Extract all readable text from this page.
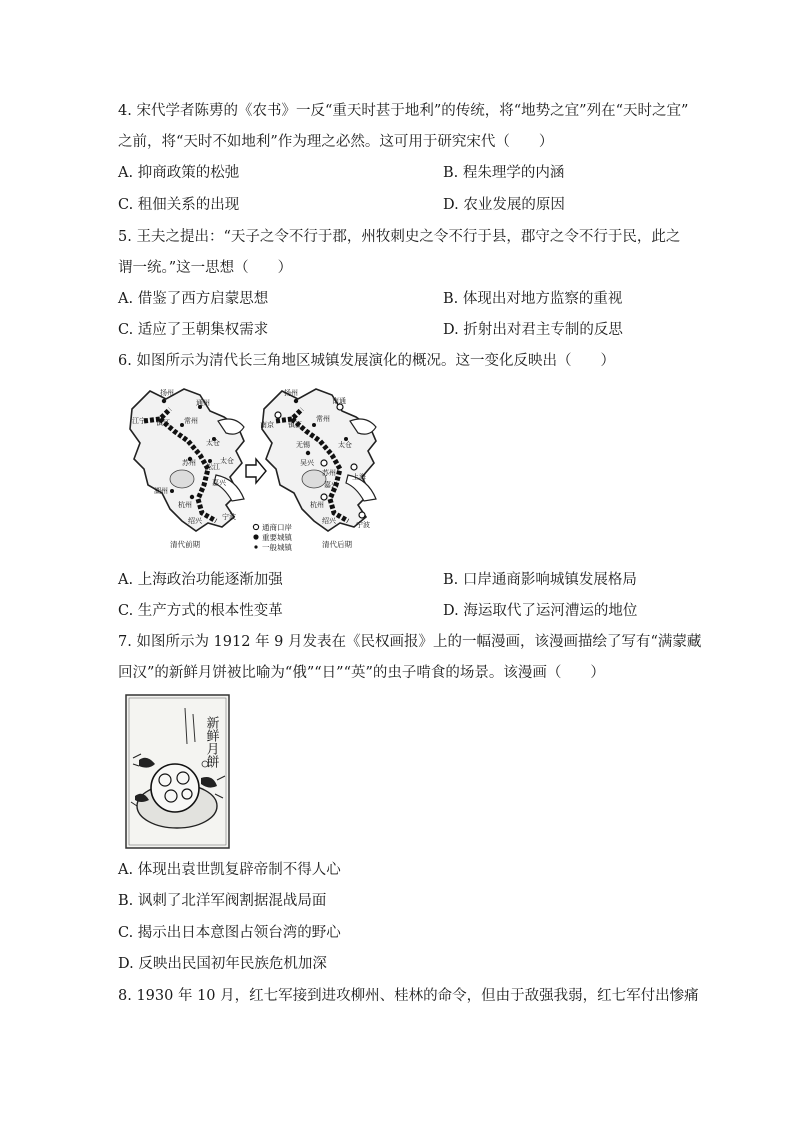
4. 宋代学者陈旉的《农书》一反“重天时甚于地利”的传统，将“地势之宜”列在“天时之宜”
之前，将“天时不如地利”作为理之必然。这可用于研究宋代（　　）
A. 抑商政策的松弛	B. 程朱理学的内涵
C. 租佃关系的出现	D. 农业发展的原因
5. 王夫之提出：“天子之令不行于郡，州牧刺史之令不行于县，郡守之令不行于民，此之
谓一统。”这一思想（　　）
A. 借鉴了西方启蒙思想	B. 体现出对地方监察的重视
C. 适应了王朝集权需求	D. 折射出对君主专制的反思
6. 如图所示为清代长三角地区城镇发展演化的概况。这一变化反映出（　　）
扬州
通州
江宁 镇江 常州
太仓
苏州 松江
太仓
湖州
杭州
嘉兴
绍兴	宁波
清代前期
扬州
南京 镇江
南通
常州
太仓
无锡
吴兴
苏州 上海
嘉兴
杭州
绍兴	宁波
通商口岸
重要城镇
一般城镇	清代后期
A. 上海政治功能逐渐加强	B. 口岸通商影响城镇发展格局
C. 生产方式的根本性变革	D. 海运取代了运河漕运的地位
7. 如图所示为 1912 年 9 月发表在《民权画报》上的一幅漫画，该漫画描绘了写有“满蒙藏
回汉”的新鲜月饼被比喻为“俄”“日”“英”的虫子啃食的场景。该漫画（　　）
新鲜月餅
A. 体现出袁世凯复辟帝制不得人心
B. 讽刺了北洋军阀割据混战局面
C. 揭示出日本意图占领台湾的野心
D. 反映出民国初年民族危机加深
8. 1930 年 10 月，红七军接到进攻柳州、桂林的命令，但由于敌强我弱，红七军付出惨痛
